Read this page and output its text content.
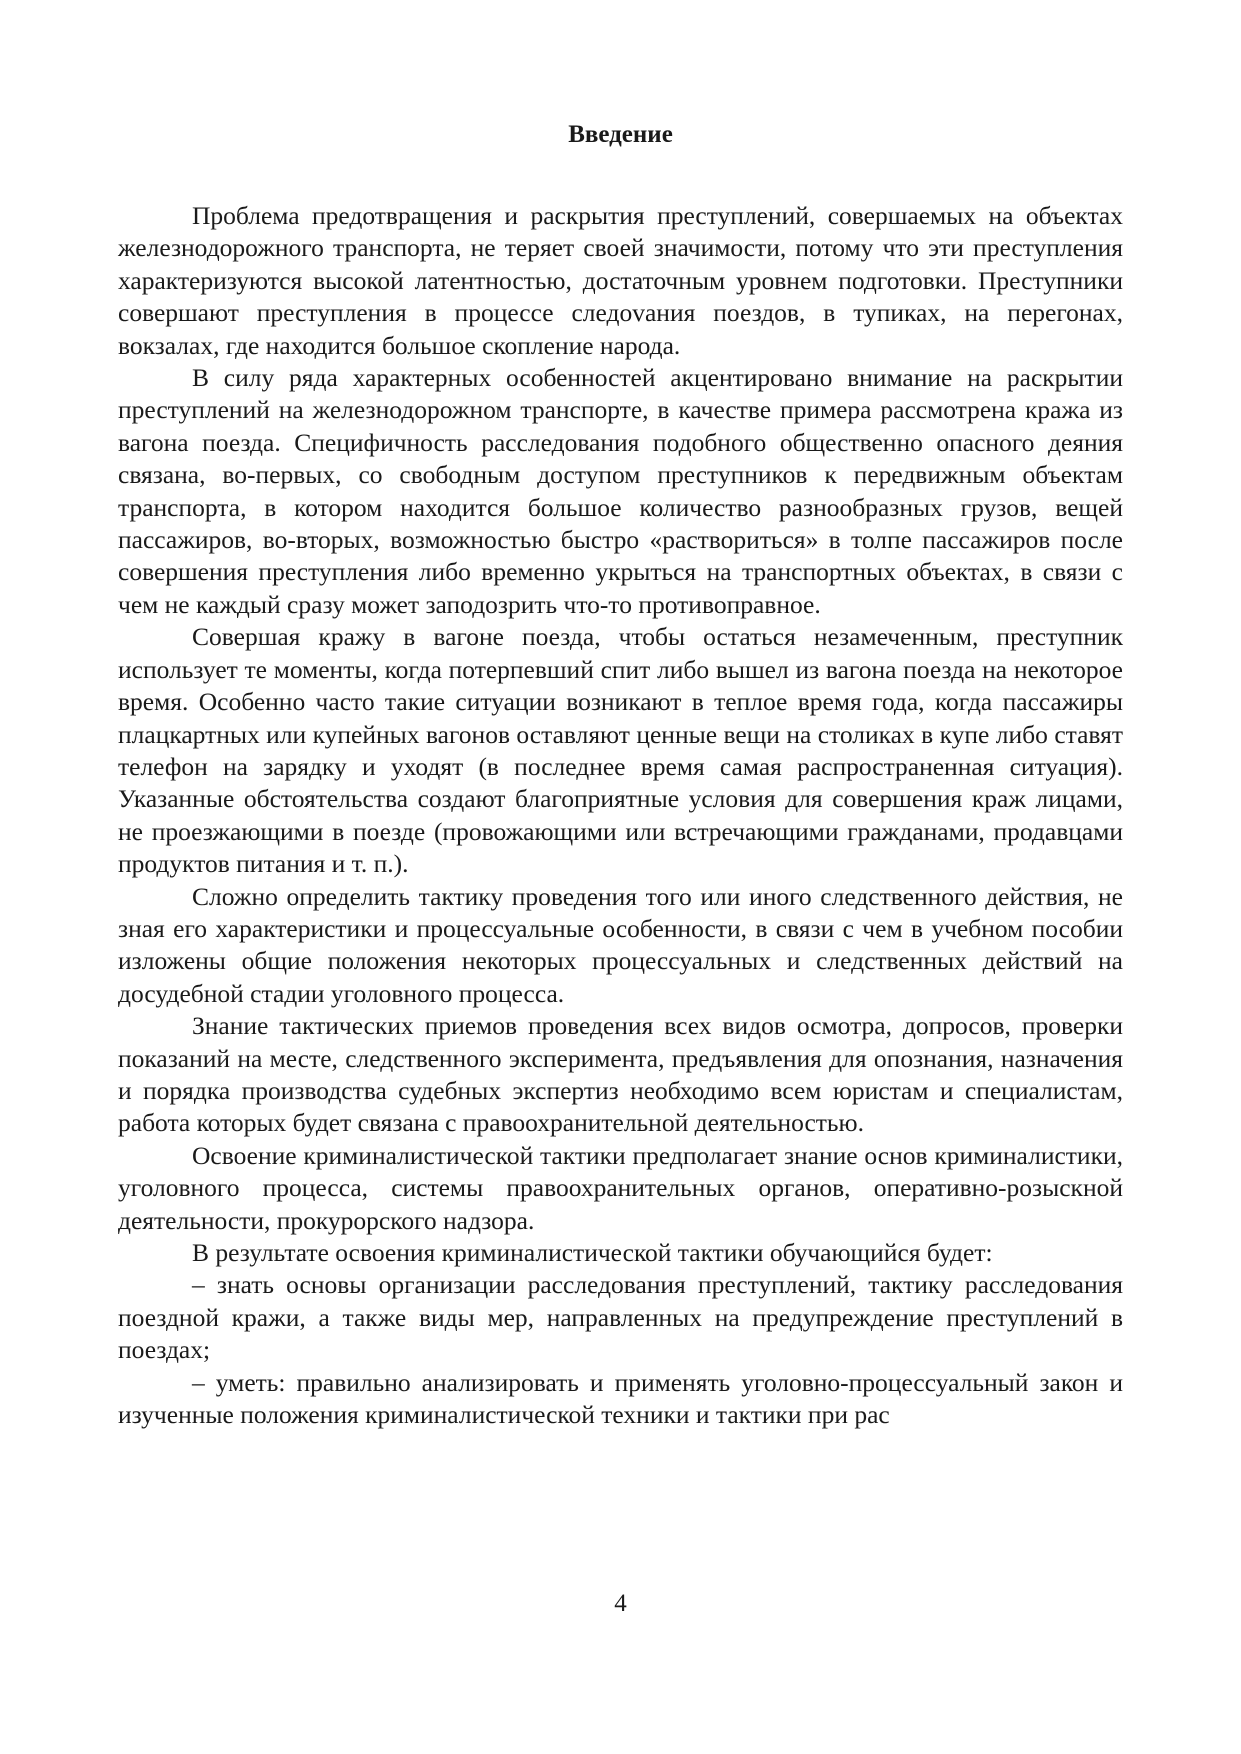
Введение

Проблема предотвращения и раскрытия преступлений, совершаемых на объектах железнодорожного транспорта, не теряет своей значимости, потому что эти преступления характеризуются высокой латентностью, достаточным уровнем подготовки. Преступники совершают преступления в процессе следоvания поездов, в тупиках, на перегонах, вокзалах, где находится большое скопление народа.

В силу ряда характерных особенностей акцентировано внимание на раскрытии преступлений на железнодорожном транспорте, в качестве примера рассмотрена кража из вагона поезда. Специфичность расследования подобного общественно опасного деяния связана, во-первых, со свободным доступом преступников к передвижным объектам транспорта, в котором находится большое количество разнообразных грузов, вещей пассажиров, во-вторых, возможностью быстро «раствориться» в толпе пассажиров после совершения преступления либо временно укрыться на транспортных объектах, в связи с чем не каждый сразу может заподозрить что-то противоправное.

Совершая кражу в вагоне поезда, чтобы остаться незамеченным, преступник использует те моменты, когда потерпевший спит либо вышел из вагона поезда на некоторое время. Особенно часто такие ситуации возникают в теплое время года, когда пассажиры плацкартных или купейных вагонов оставляют ценные вещи на столиках в купе либо ставят телефон на зарядку и уходят (в последнее время самая распространенная ситуация). Указанные обстоятельства создают благоприятные условия для совершения краж лицами, не проезжающими в поезде (провожающими или встречающими гражданами, продавцами продуктов питания и т. п.).

Сложно определить тактику проведения того или иного следственного действия, не зная его характеристики и процессуальные особенности, в связи с чем в учебном пособии изложены общие положения некоторых процессуальных и следственных действий на досудебной стадии уголовного процесса.

Знание тактических приемов проведения всех видов осмотра, допросов, проверки показаний на месте, следственного эксперимента, предъявления для опознания, назначения и порядка производства судебных экспертиз необходимо всем юристам и специалистам, работа которых будет связана с правоохранительной деятельностью.

Освоение криминалистической тактики предполагает знание основ криминалистики, уголовного процесса, системы правоохранительных органов, оперативно-розыскной деятельности, прокурорского надзора.

В результате освоения криминалистической тактики обучающийся будет:

– знать основы организации расследования преступлений, тактику расследования поездной кражи, а также виды мер, направленных на предупреждение преступлений в поездах;

– уметь: правильно анализировать и применять уголовно-процессуальный закон и изученные положения криминалистической техники и тактики при рас

4
